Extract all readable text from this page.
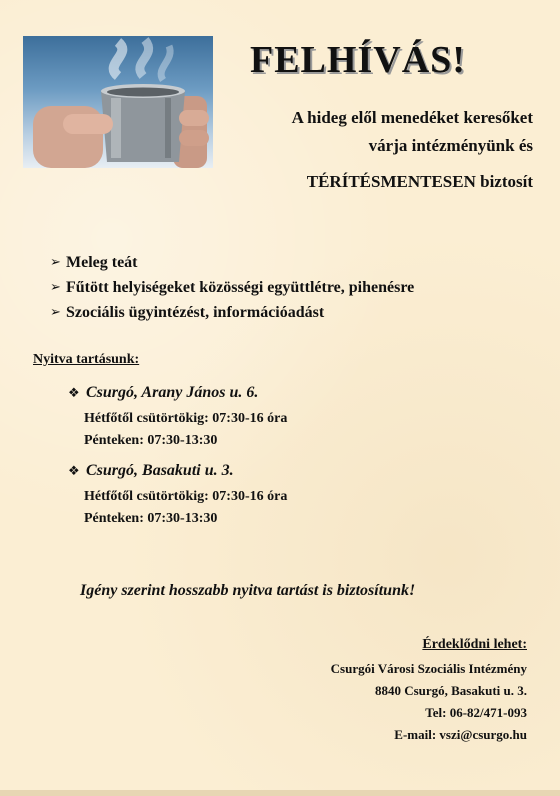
FELHÍVÁS!
A hideg elől menedéket keresőket
várja intézményünk és
TÉRÍTÉSMENTESEN biztosít
➢ Meleg teát
➢ Fűtött helyiségeket közösségi együttlétre, pihenésre
➢ Szociális ügyintézést, információadást
Nyitva tartásunk:
❖ Csurgó, Arany János u. 6.
Hétfőtől csütörtökig: 07:30-16 óra
Pénteken: 07:30-13:30
❖ Csurgó, Basakuti u. 3.
Hétfőtől csütörtökig: 07:30-16 óra
Pénteken: 07:30-13:30
Igény szerint hosszabb nyitva tartást is biztosítunk!
Érdeklődni lehet:
Csurgói Városi Szociális Intézmény
8840 Csurgó, Basakuti u. 3.
Tel: 06-82/471-093
E-mail: vszi@csurgo.hu
